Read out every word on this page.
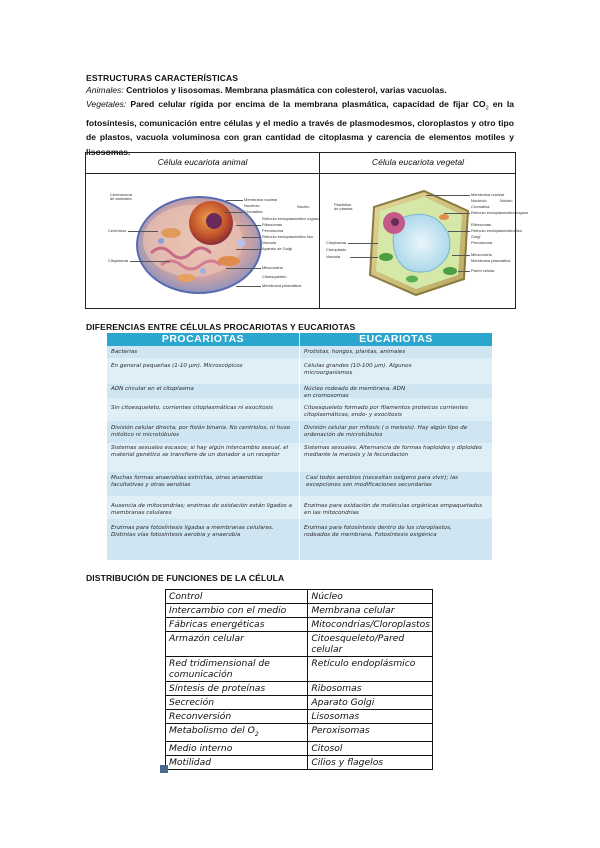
ESTRUCTURAS CARACTERÍSTICAS
Animales: Centriolos y lisosomas. Membrana plasmática con colesterol, varias vacuolas.
Vegetales: Pared celular rígida por encima de la membrana plasmática, capacidad de fijar $CO_2$ en la fotosíntesis, comunicación entre células y el medio a través de plasmodesmos, cloroplastos y otro tipo de plastos, vacuola voluminosa con gran cantidad de citoplasma y carencia de elementos motiles y lisosomas.
Célula eucariota animal	Célula eucariota vegetal
Centrosoma
de animales
Centríolos
Citoplasma
Membrana nuclear
Nucléolo
Cromatina
Retículo endoplasmático rugoso
Ribosomas
Peroxisoma
Retículo endoplasmático liso
Vacuola
Aparato de Golgi
Mitocondria
Citoesqueleto
Membrana plasmática
Núcleo	Plastidios
de plantas
Citoplasma
Cloroplasto
Vacuola
Membrana nuclear
Nucléolo
Cromatina
Retículo endoplasmático rugoso
Ribosomas
Retículo endoplasmático liso
Golgi
Peroxisoma
Mitocondria
Membrana plasmática
Pared celular
Núcleo
DIFERENCIAS ENTRE CÉLULAS PROCARIOTAS Y EUCARIOTAS
PROCARIOTAS	EUCARIOTAS
Bacterias	Protistas, hongos, plantas, animales
En general pequeñas (1-10 µm). Microscópicos	Células grandes (10-100 µm). Algunos microorganismos
ADN circular en el citoplasma	Núcleo rodeado de membrana. ADN en cromosomas
Sin citoesqueleto, corrientes citoplasmáticas ni exocitosis	Citoesqueleto formado por filamentos proteicos corrientes citoplasmáticas, endo- y exocitosis
División celular directa, por fisión binaria. No centriolos, ni huso mitótico ni microtúbulos
División celular por mitosis ( o meiosis). Hay algún tipo de ordenación de microtúbulos
Sistemas sexuales escasos; si hay algún intercambio sexual, el material genético se transfiere de un donador a un receptor
Sistemas sexuales. Alternancia de formas haploides y diploides mediante la meiosis y la fecundación
Muchas formas anaerobias estrictas, otras anaerobias facultativas y otras aerobias
Casi todos aerobios (necesitan oxígeno para vivir); las excepciones son modificaciones secundarias
Ausencia de mitocondrias; enzimas de oxidación están ligados a membranas celulares
Enzimas para oxidación de moléculas orgánicas empaquetados en las mitocondrias
Enzimas para fotosíntesis ligadas a membranas celulares. Distintas vías fotosíntesis aerobia y anaerobia
Enzimas para fotosíntesis dentro de los cloroplastos, rodeados de membrana. Fotosíntesis oxigénica
DISTRIBUCIÓN DE FUNCIONES DE LA CÉLULA
Control	Núcleo
Intercambio con el medio	Membrana celular
Fábricas energéticas	Mitocondrias/Cloroplastos
Armazón celular	Citoesqueleto/Pared celular
Red tridimensional de comunicación	Retículo endoplásmico
Síntesis de proteínas	Ribosomas
Secreción	Aparato Golgi
Reconversión	Lisosomas
Metabolismo del $O_2$	Peroxisomas
Medio interno	Citosol
Motilidad	Cilios y flagelos
